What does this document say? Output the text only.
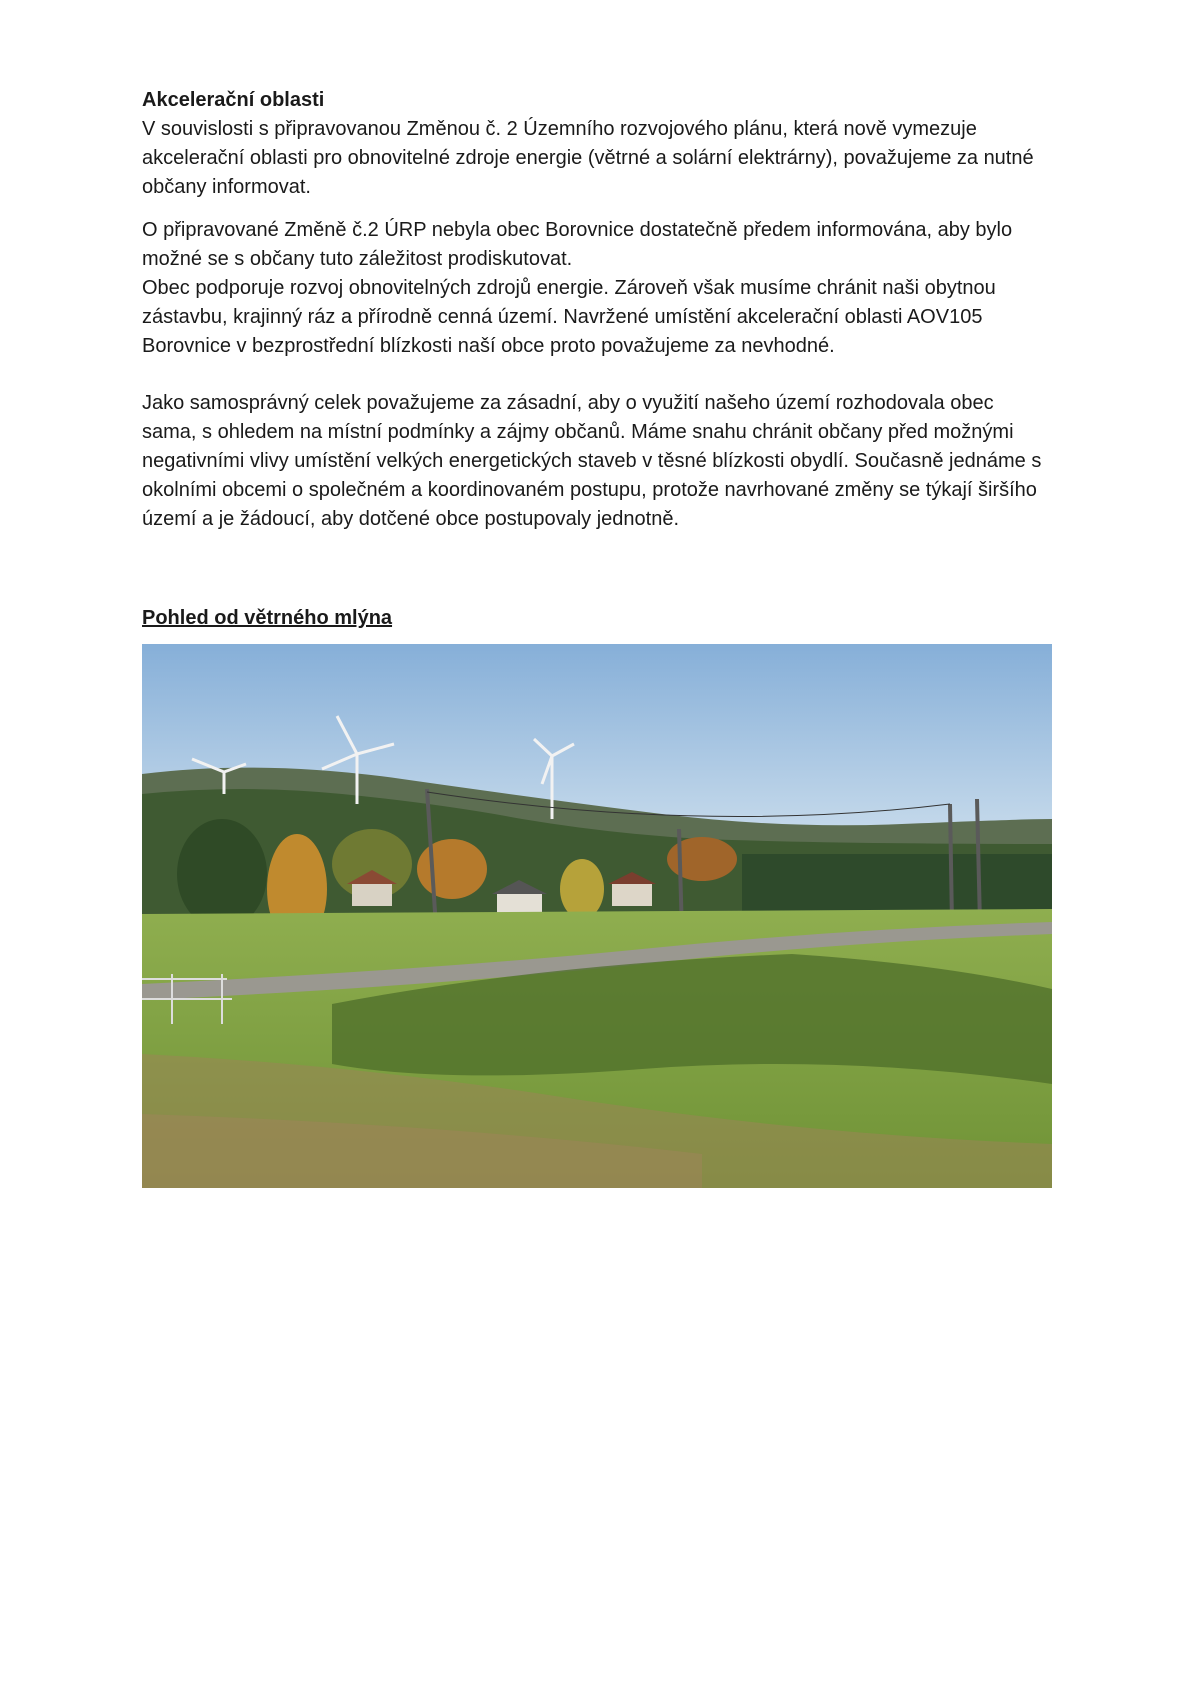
Akcelerační oblasti

V souvislosti s připravovanou Změnou č. 2 Územního rozvojového plánu, která nově vymezuje akcelerační oblasti pro obnovitelné zdroje energie (větrné a solární elektrárny), považujeme za nutné občany informovat.

O připravované Změně č.2 ÚRP nebyla obec Borovnice dostatečně předem informována, aby bylo možné se s občany tuto záležitost prodiskutovat.

Obec podporuje rozvoj obnovitelných zdrojů energie. Zároveň však musíme chránit naši obytnou zástavbu, krajinný ráz a přírodně cenná území. Navržené umístění akcelerační oblasti AOV105 Borovnice v bezprostřední blízkosti naší obce proto považujeme za nevhodné.

Jako samosprávný celek považujeme za zásadní, aby o využití našeho území rozhodovala obec sama, s ohledem na místní podmínky a zájmy občanů. Máme snahu chránit občany před možnými negativními vlivy umístění velkých energetických staveb v těsné blízkosti obydlí. Současně jednáme s okolními obcemi o společném a koordinovaném postupu, protože navrhované změny se týkají širšího území a je žádoucí, aby dotčené obce postupovaly jednotně.

Pohled od větrného mlýna
